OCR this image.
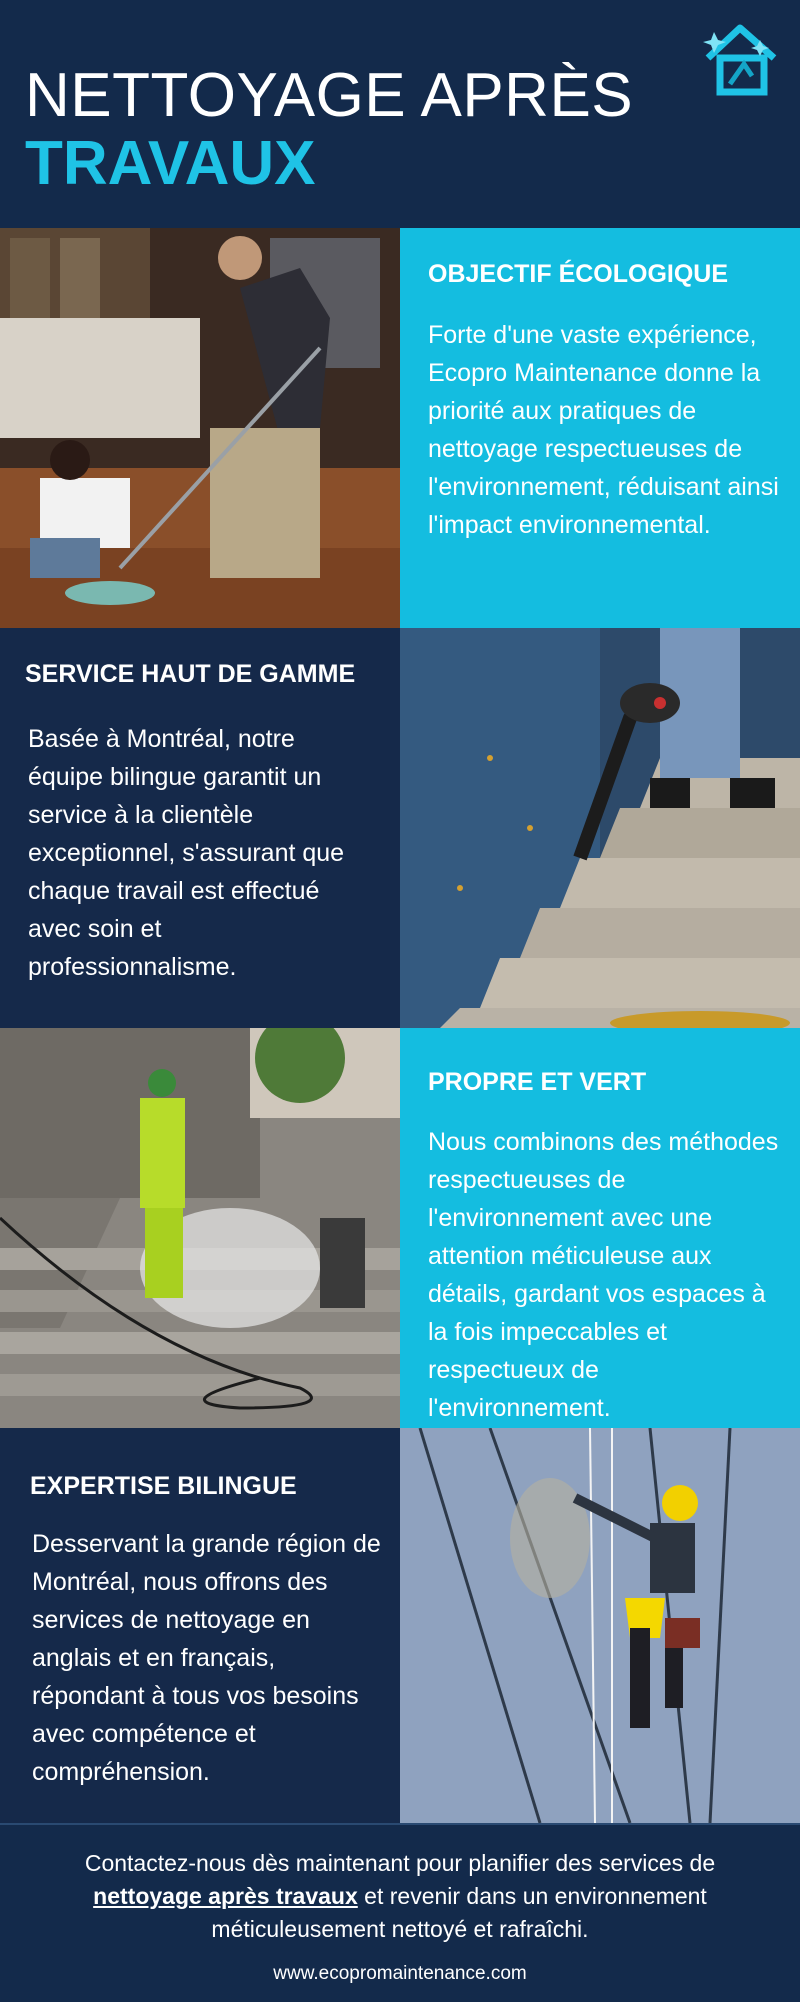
NETTOYAGE APRÈS
TRAVAUX
OBJECTIF ÉCOLOGIQUE
Forte d'une vaste expérience, Ecopro Maintenance donne la priorité aux pratiques de nettoyage respectueuses de l'environnement, réduisant ainsi l'impact environnemental.
SERVICE HAUT DE GAMME
Basée à Montréal, notre équipe bilingue garantit un service à la clientèle exceptionnel, s'assurant que chaque travail est effectué avec soin et professionnalisme.
PROPRE ET VERT
Nous combinons des méthodes respectueuses de l'environnement avec une attention méticuleuse aux détails, gardant vos espaces à la fois impeccables et respectueux de l'environnement.
EXPERTISE BILINGUE
Desservant la grande région de Montréal, nous offrons des services de nettoyage en anglais et en français, répondant à tous vos besoins avec compétence et compréhension.
Contactez-nous dès maintenant pour planifier des services de nettoyage après travaux et revenir dans un environnement méticuleusement nettoyé et rafraîchi.
www.ecopromaintenance.com
